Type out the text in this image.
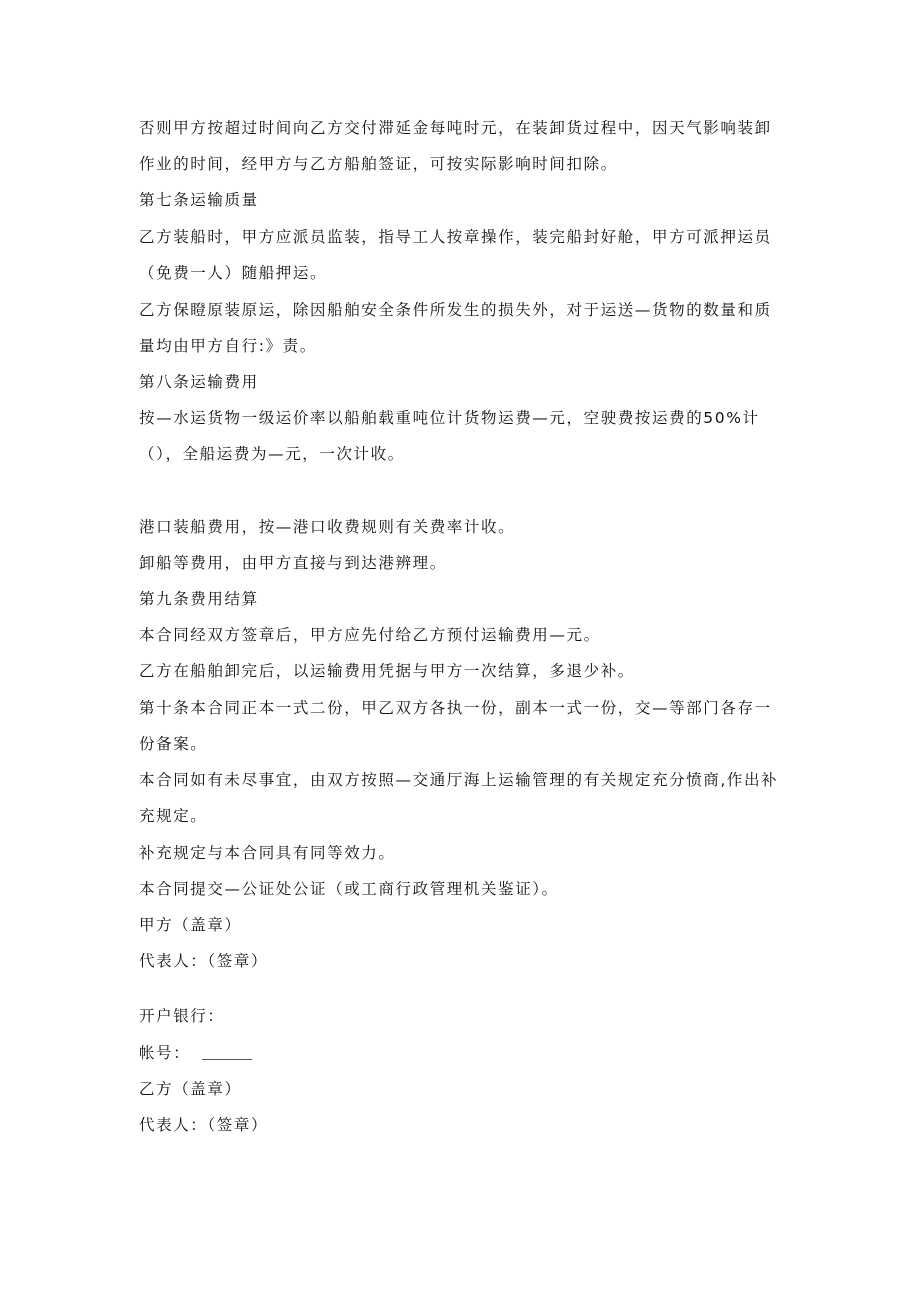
否则甲方按超过时间向乙方交付滞延金每吨时元，在装卸货过程中，因天气影响装卸
作业的时间，经甲方与乙方船舶签证，可按实际影响时间扣除。
第七条运输质量
乙方装船时，甲方应派员监装，指导工人按章操作，装完船封好舱，甲方可派押运员
（免费一人）随船押运。
乙方保瞪原装原运，除因船舶安全条件所发生的损失外，对于运送—货物的数量和质
量均由甲方自行:》责。
第八条运输费用
按—水运货物一级运价率以船舶载重吨位计货物运费—元，空驶费按运费的50%计
（），全船运费为—元，一次计收。
港口装船费用，按—港口收费规则有关费率计收。
卸船等费用，由甲方直接与到达港辨理。
第九条费用结算
本合同经双方签章后，甲方应先付给乙方预付运输费用—元。
乙方在船舶卸完后，以运输费用凭据与甲方一次结算，多退少补。
第十条本合同正本一式二份，甲乙双方各执一份，副本一式一份，交—等部门各存一
份备案。
本合同如有未尽事宜，由双方按照—交通厅海上运输管理的有关规定充分愤商,作出补
充规定。
补充规定与本合同具有同等效力。
本合同提交—公证处公证（或工商行政管理机关鉴证）。
甲方（盖章）
代表人：（签章）
开户银行：
帐号：
乙方（盖章）
代表人：（签章）
